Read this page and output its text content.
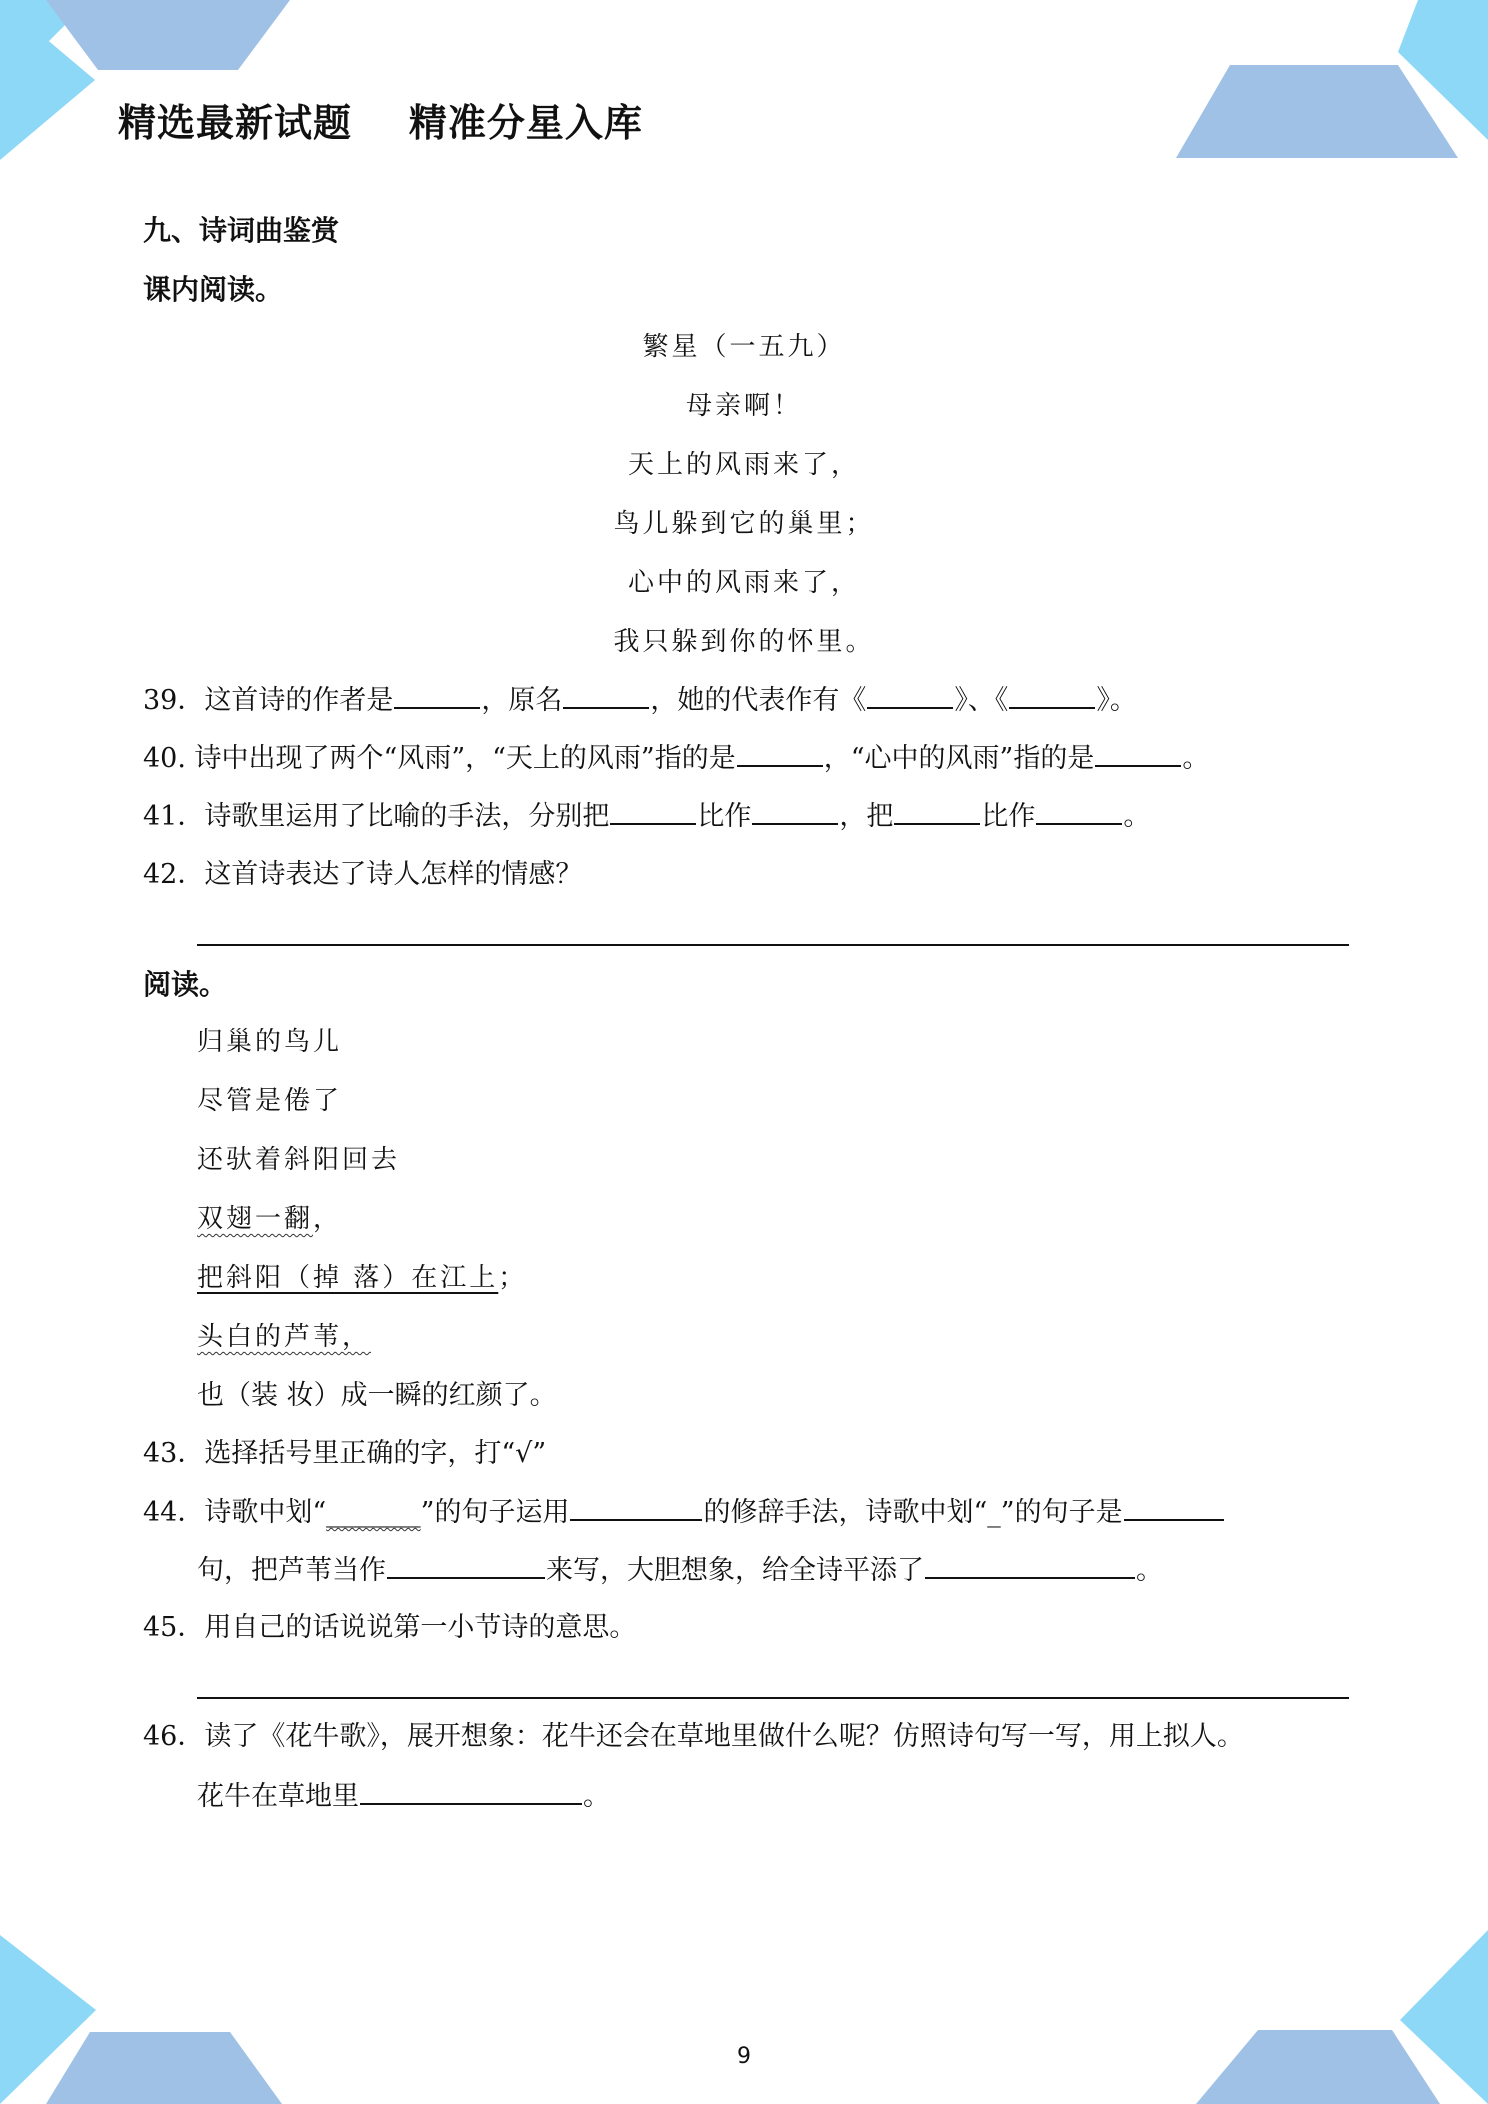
精选最新试题    精准分星入库
九、诗词曲鉴赏
课内阅读。
繁星（一五九）
母亲啊！
天上的风雨来了，
鸟儿躲到它的巢里；
心中的风雨来了，
我只躲到你的怀里。
39．这首诗的作者是	，原名	，她的代表作有《	》、《	》。
40. 诗中出现了两个“风雨”，“天上的风雨”指的是	，“心中的风雨”指的是	。
41．诗歌里运用了比喻的手法，分别把	比作	，把	比作	。
42．这首诗表达了诗人怎样的情感？
阅读。
归巢的鸟儿
尽管是倦了
还驮着斜阳回去
双翅一翻，
把斜阳（掉 落）在江上；
头白的芦苇，
也（装 妆）成一瞬的红颜了。
43．选择括号里正确的字，打“√”
44．诗歌中划“_______”的句子运用	的修辞手法，诗歌中划“_”的句子是
句，把芦苇当作	来写，大胆想象，给全诗平添了	。
45．用自己的话说说第一小节诗的意思。
46．读了《花牛歌》，展开想象：花牛还会在草地里做什么呢？仿照诗句写一写，用上拟人。
花牛在草地里	。
9
